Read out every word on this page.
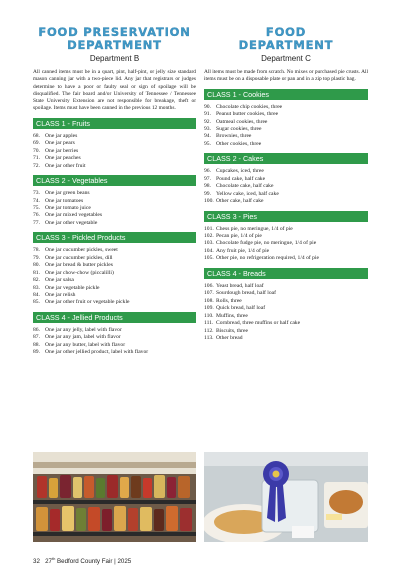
FOOD PRESERVATION
DEPARTMENT
Department B
All canned items must be in a quart, pint, half-pint, or jelly size standard mason canning jar with a two-piece lid. Any jar that registrars or judges determine to have a poor or faulty seal or sign of spoilage will be disqualified. The fair board and/or University of Tennessee / Tennessee State University Extension are not responsible for breakage, theft or spoilage. Items must have been canned in the previous 12 months.
CLASS 1 - Fruits
68. One jar apples
69. One jar pears
70. One jar berries
71. One jar peaches
72. One jar other fruit
CLASS 2 - Vegetables
73. One jar green beans
74. One jar tomatoes
75. One jar tomato juice
76. One jar mixed vegetables
77. One jar other vegetable
CLASS 3 - Pickled Products
78. One jar cucumber pickles, sweet
79. One jar cucumber pickles, dill
80. One jar bread & butter pickles
81. One jar chow-chow (piccalilli)
82. One jar salsa
83. One jar vegetable pickle
84. One jar relish
85. One jar other fruit or vegetable pickle
CLASS 4 - Jellied Products
86. One jar any jelly, label with flavor
87. One jar any jam, label with flavor
88. One jar any butter, label with flavor
89. One jar other jellied product, label with flavor
FOOD
DEPARTMENT
Department C
All items must be made from scratch. No mixes or purchased pie crusts. All items must be on a disposable plate or pan and in a zip top plastic bag.
CLASS 1 - Cookies
90. Chocolate chip cookies, three
91. Peanut butter cookies, three
92. Oatmeal cookies, three
93. Sugar cookies, three
94. Brownies, three
95. Other cookies, three
CLASS 2 - Cakes
96. Cupcakes, iced, three
97. Pound cake, half cake
98. Chocolate cake, half cake
99. Yellow cake, iced, half cake
100. Other cake, half cake
CLASS 3 - Pies
101. Chess pie, no meringue, 1/4 of pie
102. Pecan pie, 1/4 of pie
103. Chocolate fudge pie, no meringue, 1/4 of pie
104. Any fruit pie, 1/4 of pie
105. Other pie, no refrigeration required, 1/4 of pie
CLASS 4 - Breads
106. Yeast bread, half loaf
107. Sourdough bread, half loaf
108. Rolls, three
109. Quick bread, half loaf
110. Muffins, three
111. Cornbread, three muffins or half cake
112. Biscuits, three
113. Other bread
32 27th Bedford County Fair | 2025
